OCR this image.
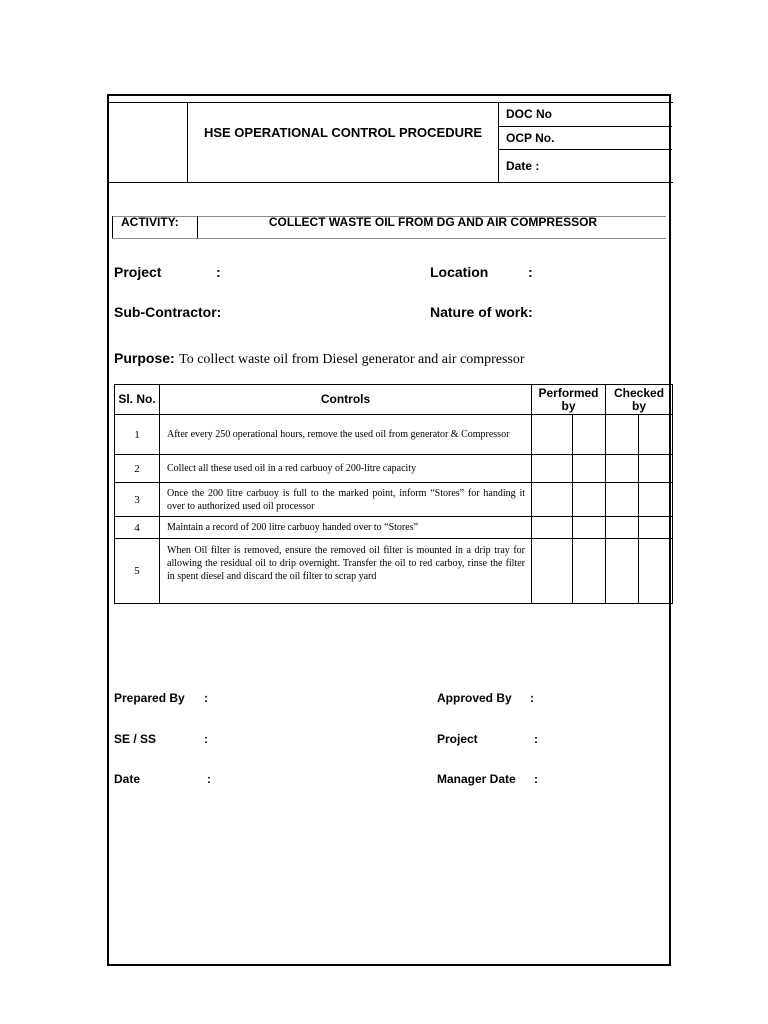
HSE OPERATIONAL CONTROL PROCEDURE
DOC No
OCP No.
Date :
ACTIVITY:	COLLECT WASTE OIL FROM DG AND AIR COMPRESSOR
Project	:	Location	:
Sub-Contractor:	Nature of work:
Purpose: To collect waste oil from Diesel generator and air compressor
Sl. No.	Controls	Performed by		Checked by	
1	After every 250 operational hours, remove the used oil from generator & Compressor				
2	Collect all these used oil in a red carbuoy of 200-litre capacity				
3	Once the 200 litre carbuoy is full to the marked point, inform “Stores” for handing it over to authorized used oil processor				
4	Maintain a record of 200 litre carbuoy handed over to “Stores”				
5	When Oil filter is removed, ensure the removed oil filter is mounted in a drip tray for allowing the residual oil to drip overnight. Transfer the oil to red carboy, rinse the filter in spent diesel and discard the oil filter to scrap yard				
Prepared By :	Approved By :
SE / SS	:	Project	:
Date	:	Manager Date :
